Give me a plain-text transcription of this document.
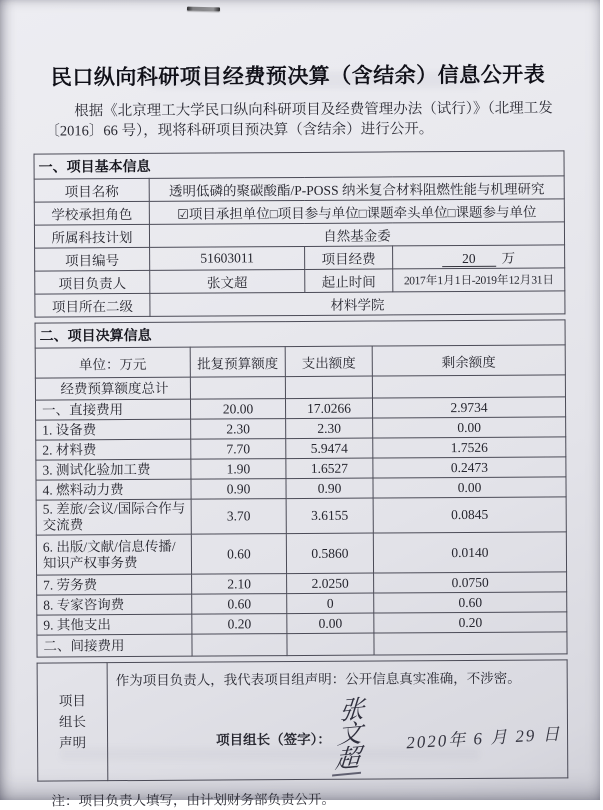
民口纵向科研项目经费预决算（含结余）信息公开表
根据《北京理工大学民口纵向科研项目及经费管理办法（试行）》（北理工发〔2016〕66 号），现将科研项目预决算（含结余）进行公开。
一、项目基本信息			
项目名称	透明低磷的聚碳酸酯/P-POSS 纳米复合材料阻燃性能与机理研究		
学校承担角色	☑项目承担单位□项目参与单位□课题牵头单位□课题参与单位		
所属科技计划	自然基金委		
项目编号	51603011	项目经费	20 万
项目负责人	张文超	起止时间	2017 年 1 月 1 日-2019 年 12 月 31 日
项目所在二级	材料学院		
二、项目决算信息			
单位：万元	批复预算额度	支出额度	剩余额度
经费预算额度总计			
一、直接费用	20.00	17.0266	2.9734
1. 设备费	2.30	2.30	0.00
2. 材料费	7.70	5.9474	1.7526
3. 测试化验加工费	1.90	1.6527	0.2473
4. 燃料动力费	0.90	0.90	0.00
5. 差旅/会议/国际合作与交流费	3.70	3.6155	0.0845
6. 出版/文献/信息传播/知识产权事务费	0.60	0.5860	0.0140
7. 劳务费	2.10	2.0250	0.0750
8. 专家咨询费	0.60	0	0.60
9. 其他支出	0.20	0.00	0.20
二、间接费用			
项目
组长
声明

作为项目负责人，我代表项目组声明：公开信息真实准确，不涉密。
项目组长（签字）：
张文超
2020年 6 月 29 日
注：项目负责人填写，由计划财务部负责公开。
